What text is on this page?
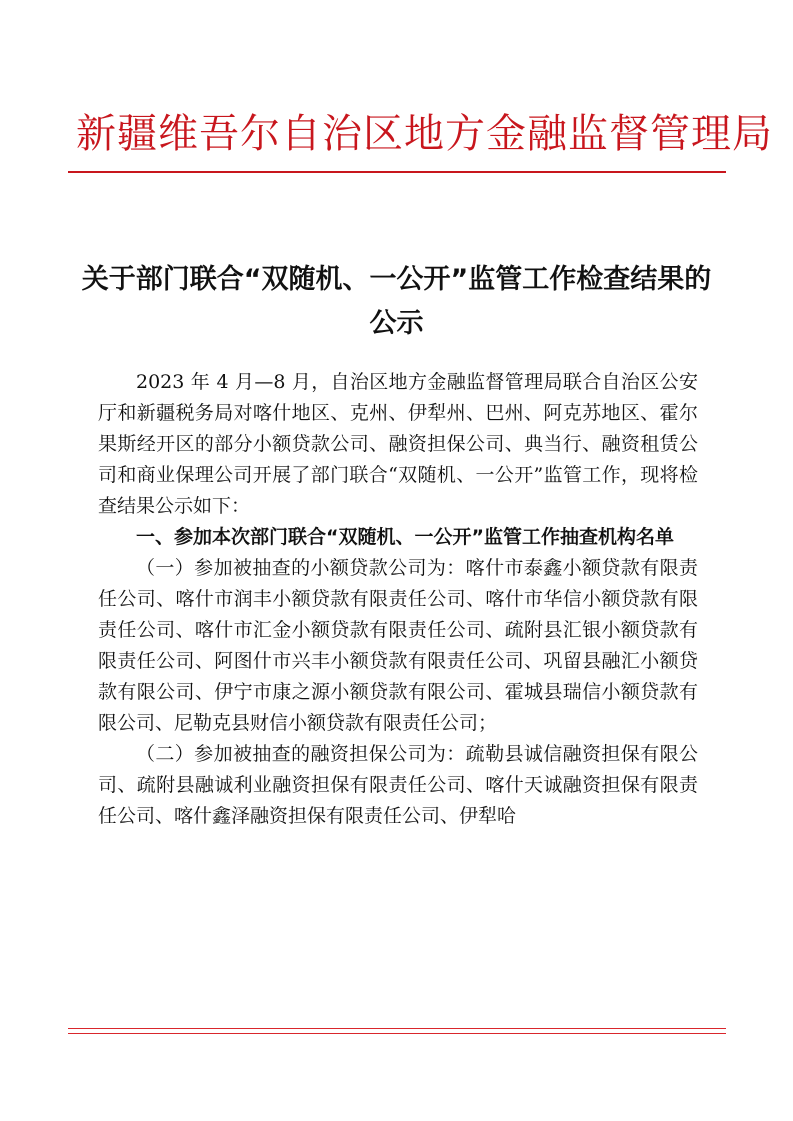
新疆维吾尔自治区地方金融监督管理局
关于部门联合“双随机、一公开”监管工作检查结果的公示

2023 年 4 月—8 月，自治区地方金融监督管理局联合自治区公安厅和新疆税务局对喀什地区、克州、伊犁州、巴州、阿克苏地区、霍尔果斯经开区的部分小额贷款公司、融资担保公司、典当行、融资租赁公司和商业保理公司开展了部门联合“双随机、一公开”监管工作，现将检查结果公示如下：

一、参加本次部门联合“双随机、一公开”监管工作抽查机构名单

（一）参加被抽查的小额贷款公司为：喀什市泰鑫小额贷款有限责任公司、喀什市润丰小额贷款有限责任公司、喀什市华信小额贷款有限责任公司、喀什市汇金小额贷款有限责任公司、疏附县汇银小额贷款有限责任公司、阿图什市兴丰小额贷款有限责任公司、巩留县融汇小额贷款有限公司、伊宁市康之源小额贷款有限公司、霍城县瑞信小额贷款有限公司、尼勒克县财信小额贷款有限责任公司；

（二）参加被抽查的融资担保公司为：疏勒县诚信融资担保有限公司、疏附县融诚利业融资担保有限责任公司、喀什天诚融资担保有限责任公司、喀什鑫泽融资担保有限责任公司、伊犁哈
